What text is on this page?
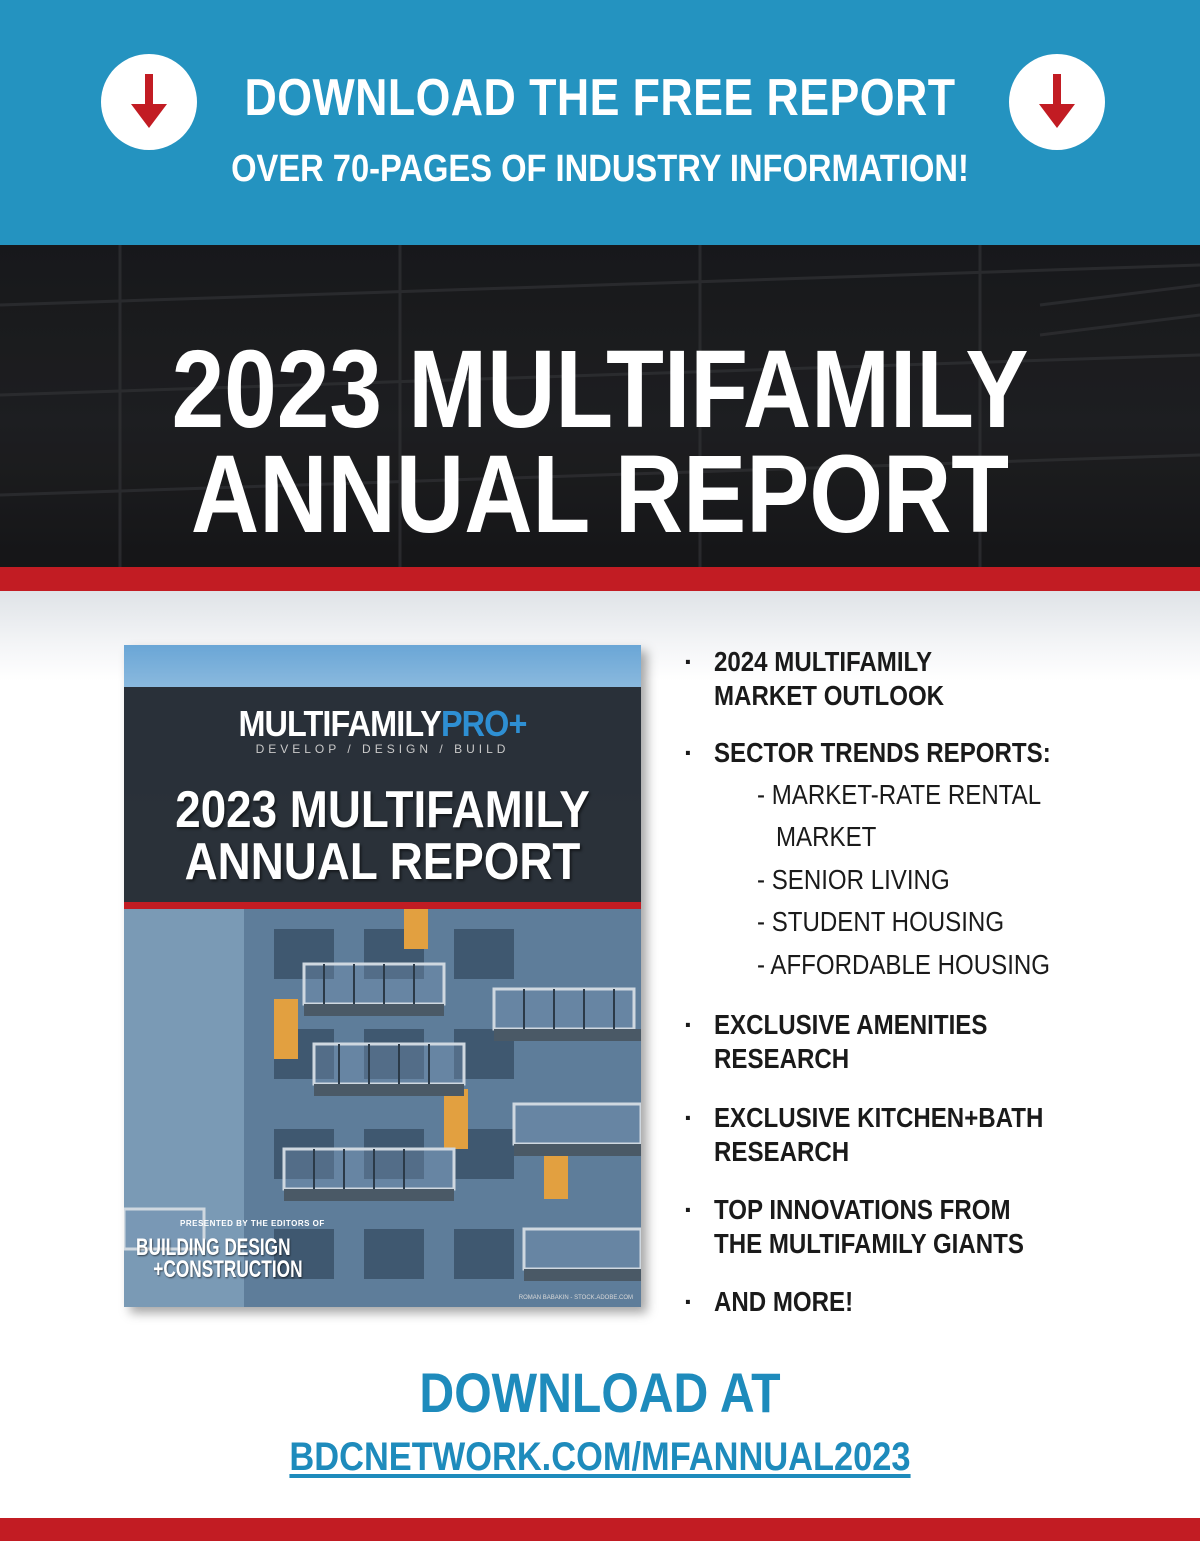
DOWNLOAD THE FREE REPORT
OVER 70-PAGES OF INDUSTRY INFORMATION!
2023 MULTIFAMILY
ANNUAL REPORT
MULTIFAMILYPRO+
DEVELOP / DESIGN / BUILD
2023 MULTIFAMILY
ANNUAL REPORT
PRESENTED BY THE EDITORS OF
BUILDING DESIGN
+CONSTRUCTION
ROMAN BABAKIN - STOCK.ADOBE.COM
· 2024 MULTIFAMILY
MARKET OUTLOOK
· SECTOR TRENDS REPORTS:
- MARKET-RATE RENTAL
MARKET
- SENIOR LIVING
- STUDENT HOUSING
- AFFORDABLE HOUSING
· EXCLUSIVE AMENITIES
RESEARCH
· EXCLUSIVE KITCHEN+BATH
RESEARCH
· TOP INNOVATIONS FROM
THE MULTIFAMILY GIANTS
· AND MORE!
DOWNLOAD AT
BDCNETWORK.COM/MFANNUAL2023
